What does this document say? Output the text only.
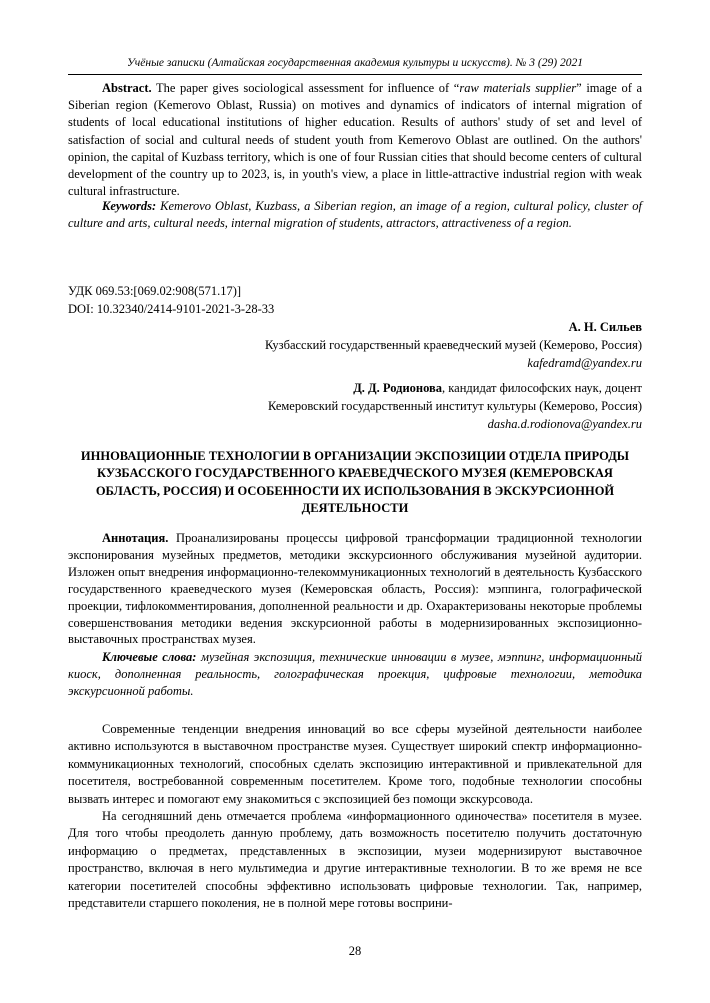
Учёные записки (Алтайская государственная академия культуры и искусств). № 3 (29) 2021
Abstract. The paper gives sociological assessment for influence of “raw materials supplier” image of a Siberian region (Kemerovo Oblast, Russia) on motives and dynamics of indicators of internal migration of students of local educational institutions of higher education. Results of authors' study of set and level of satisfaction of social and cultural needs of student youth from Kemerovo Oblast are outlined. On the authors' opinion, the capital of Kuzbass territory, which is one of four Russian cities that should become centers of cultural development of the country up to 2023, is, in youth's view, a place in little-attractive industrial region with weak cultural infrastructure.
Keywords: Kemerovo Oblast, Kuzbass, a Siberian region, an image of a region, cultural policy, cluster of culture and arts, cultural needs, internal migration of students, attractors, attractiveness of a region.
УДК 069.53:[069.02:908(571.17)]
DOI: 10.32340/2414-9101-2021-3-28-33
А. Н. Сильев
Кузбасский государственный краеведческий музей (Кемерово, Россия)
kafedramd@yandex.ru
Д. Д. Родионова, кандидат философских наук, доцент
Кемеровский государственный институт культуры (Кемерово, Россия)
dasha.d.rodionova@yandex.ru
ИННОВАЦИОННЫЕ ТЕХНОЛОГИИ В ОРГАНИЗАЦИИ ЭКСПОЗИЦИИ ОТДЕЛА ПРИРОДЫ КУЗБАССКОГО ГОСУДАРСТВЕННОГО КРАЕВЕДЧЕСКОГО МУЗЕЯ (КЕМЕРОВСКАЯ ОБЛАСТЬ, РОССИЯ) И ОСОБЕННОСТИ ИХ ИСПОЛЬЗОВАНИЯ В ЭКСКУРСИОННОЙ ДЕЯТЕЛЬНОСТИ
Аннотация. Проанализированы процессы цифровой трансформации традиционной технологии экспонирования музейных предметов, методики экскурсионного обслуживания музейной аудитории. Изложен опыт внедрения информационно-телекоммуникационных технологий в деятельность Кузбасского государственного краеведческого музея (Кемеровская область, Россия): мэппинга, голографической проекции, тифлокомментирования, дополненной реальности и др. Охарактеризованы некоторые проблемы совершенствования методики ведения экскурсионной работы в модернизированных экспозиционно-выставочных пространствах музея.
Ключевые слова: музейная экспозиция, технические инновации в музее, мэппинг, информационный киоск, дополненная реальность, голографическая проекция, цифровые технологии, методика экскурсионной работы.

Современные тенденции внедрения инноваций во все сферы музейной деятельности наиболее активно используются в выставочном пространстве музея. Существует широкий спектр информационно-коммуникационных технологий, способных сделать экспозицию интерактивной и привлекательной для посетителя, востребованной современным посетителем. Кроме того, подобные технологии способны вызвать интерес и помогают ему знакомиться с экспозицией без помощи экскурсовода.

На сегодняшний день отмечается проблема «информационного одиночества» посетителя в музее. Для того чтобы преодолеть данную проблему, дать возможность посетителю получить достаточную информацию о предметах, представленных в экспозиции, музеи модернизируют выставочное пространство, включая в него мультимедиа и другие интерактивные технологии. В то же время не все категории посетителей способны эффективно использовать цифровые технологии. Так, например, представители старшего поколения, не в полной мере готовы восприни-

28
